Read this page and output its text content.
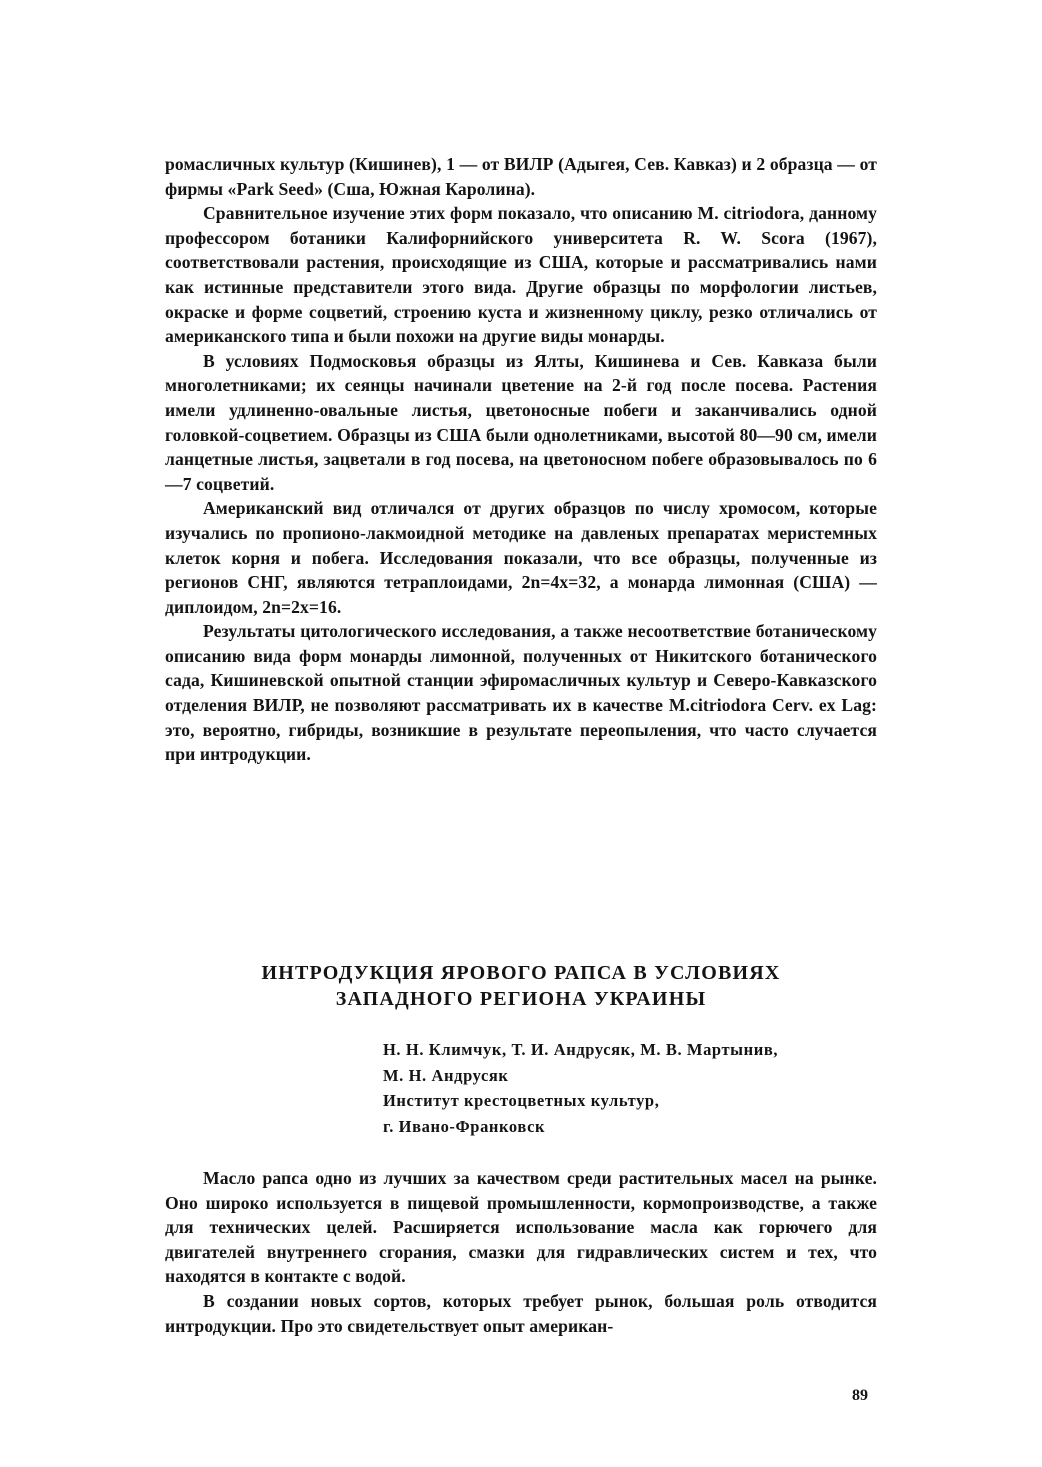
ромасличных культур (Кишинев), 1 — от ВИЛР (Адыгея, Сев. Кавказ) и 2 образца — от фирмы «Park Seed» (Сша, Южная Каролина).

Сравнительное изучение этих форм показало, что описанию M. citriodora, данному профессором ботаники Калифорнийского университета R. W. Scora (1967), соответствовали растения, происходящие из США, которые и рассматривались нами как истинные представители этого вида. Другие образцы по морфологии листьев, окраске и форме соцветий, строению куста и жизненному циклу, резко отличались от американского типа и были похожи на другие виды монарды.

В условиях Подмосковья образцы из Ялты, Кишинева и Сев. Кавказа были многолетниками; их сеянцы начинали цветение на 2-й год после посева. Растения имели удлиненно-овальные листья, цветоносные побеги и заканчивались одной головкой-соцветием. Образцы из США были однолетниками, высотой 80—90 см, имели ланцетные листья, зацветали в год посева, на цветоносном побеге образовывалось по 6—7 соцветий.

Американский вид отличался от других образцов по числу хромосом, которые изучались по пропионо-лакмоидной методике на давленых препаратах меристемных клеток корня и побега. Исследования показали, что все образцы, полученные из регионов СНГ, являются тетраплоидами, 2n=4x=32, а монарда лимонная (США) — диплоидом, 2n=2x=16.

Результаты цитологического исследования, а также несоответствие ботаническому описанию вида форм монарды лимонной, полученных от Никитского ботанического сада, Кишиневской опытной станции эфиромасличных культур и Северо-Кавказского отделения ВИЛР, не позволяют рассматривать их в качестве M.citriodora Cerv. ex Lag: это, вероятно, гибриды, возникшие в результате переопыления, что часто случается при интродукции.

ИНТРОДУКЦИЯ ЯРОВОГО РАПСА В УСЛОВИЯХ
ЗАПАДНОГО РЕГИОНА УКРАИНЫ
Н. Н. Климчук, Т. И. Андрусяк, М. В. Мартынив,
М. Н. Андрусяк
Институт крестоцветных культур,
г. Ивано-Франковск

Масло рапса одно из лучших за качеством среди растительных масел на рынке. Оно широко используется в пищевой промышленности, кормопроизводстве, а также для технических целей. Расширяется использование масла как горючего для двигателей внутреннего сгорания, смазки для гидравлических систем и тех, что находятся в контакте с водой.

В создании новых сортов, которых требует рынок, большая роль отводится интродукции. Про это свидетельствует опыт американ-

89
